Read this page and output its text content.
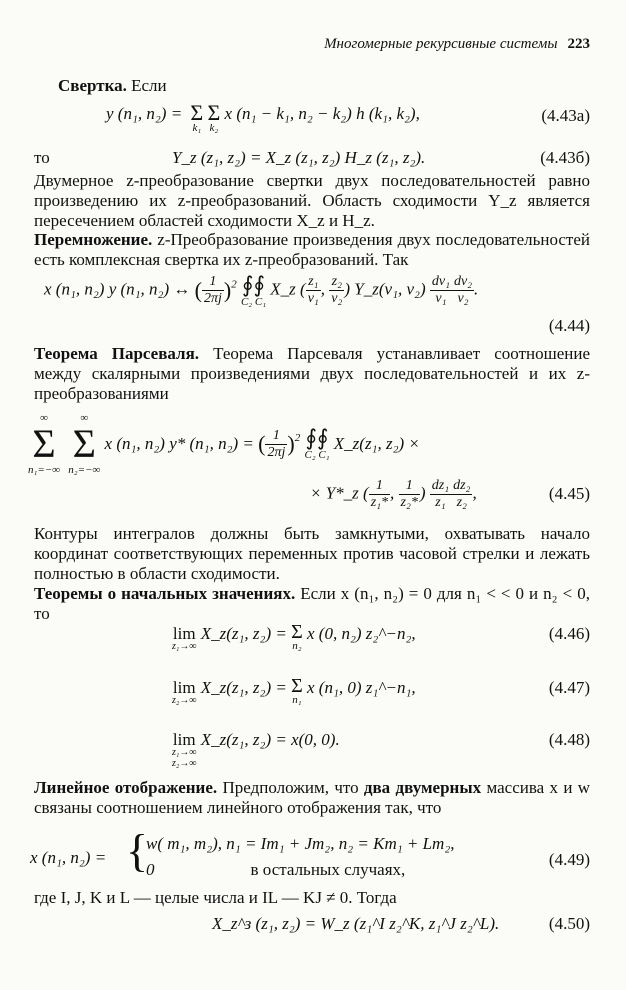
Многомерные рекурсивные системы 223
Свертка. Если
y (n₁, n₂) = Σ
k₁

Σ
k₂
x (n₁ − k₁, n₂ − k₂) h (k₁, k₂),	(4.43а)
то	Y_z (z₁, z₂) = X_z (z₁, z₂) H_z (z₁, z₂).	(4.43б)
Двумерное z-преобразование свертки двух последовательностей равно произведению их z-преобразований. Область сходимости Y_z является пересечением областей сходимости X_z и H_z.
Перемножение. z-Преобразование произведения двух последовательностей есть комплексная свертка их z-преобразований. Так
x (n₁, n₂) y (n₁, n₂) ↔ ( $\frac{1}{2\pi j} )^2$ ∮∮
C₂ C₁
X_z ( $\frac{\text{z₁}}{\text{v₁}}$ , $\frac{\text{z₂}}{\text{v₂}}$ ) Y_z(v₁, $v_2) \frac{\text{dv₁}}{\text{v₁}} \frac{\text{dv₂}}{\text{v₂}}$ .
(4.44)
Теорема Парсеваля. Теорема Парсеваля устанавливает соотношение между скалярными произведениями двух последовательностей и их z-преобразованиями
∞
Σ
n₁=−∞

∞
Σ
n₂=−∞
x (n₁, n₂) y* (n₁, n₂) = ( $\frac{1}{2\pi j} )^2$ ∮∮
C₂ C₁
X_z(z₁, z₂) ×
× Y*_z ( $\frac{1}{\text{z₁*}}$ , $\frac{1}{\text{z₂*}}$ ) $\frac{\text{dz₁}}{\text{z₁}} \frac{\text{dz₂}}{\text{z₂}}$ ,	(4.45)
Контуры интегралов должны быть замкнутыми, охватывать начало координат соответствующих переменных против часовой стрелки и лежать полностью в области сходимости.
Теоремы о начальных значениях. Если x (n₁, n₂) = 0 для n₁ < < 0 и n₂ < 0, то
lim
z₁→∞
X_z(z₁, z₂) = Σ
n₂
x (0, n₂) z₂^−n₂,	(4.46)
lim
z₂→∞
X_z(z₁, z₂) = Σ
n₁
x (n₁, 0) z₁^−n₁,	(4.47)
lim
z₁→∞
z₂→∞
X_z(z₁, z₂) = x(0, 0).	(4.48)
Линейное отображение. Предположим, что два двумерных массива x и w связаны соотношением линейного отображения так, что
x (n₁, n₂) = {
w( m₁, m₂), n₁ = Im₁ + Jm₂, n₂ = Km₁ + Lm₂,
0	в остальных случаях,
(4.49)
где I, J, K и L — целые числа и IL — KJ ≠ 0. Тогда
X_z^з (z₁, z₂) = W_z (z₁^I z₂^K, z₁^J z₂^L).	(4.50)
